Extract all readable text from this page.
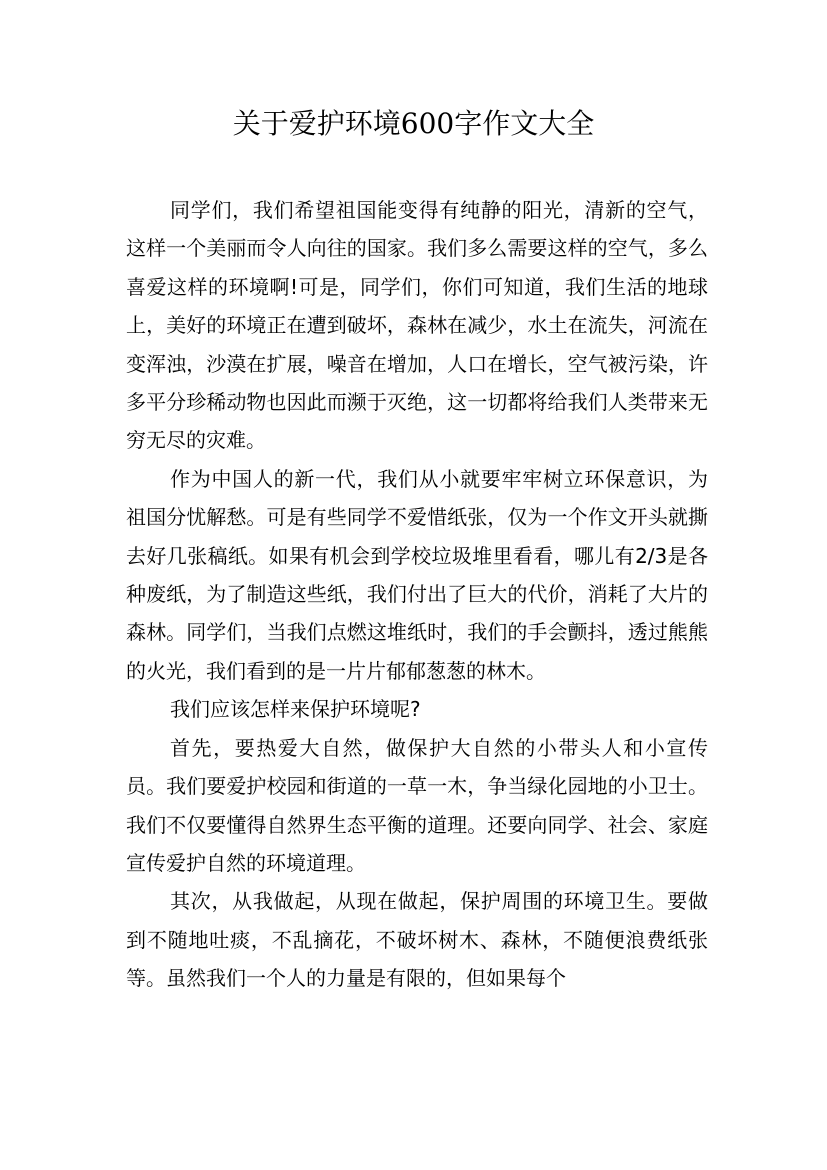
关于爱护环境600字作文大全

同学们，我们希望祖国能变得有纯静的阳光，清新的空气，这样一个美丽而令人向往的国家。我们多么需要这样的空气，多么喜爱这样的环境啊!可是，同学们，你们可知道，我们生活的地球上，美好的环境正在遭到破坏，森林在减少，水土在流失，河流在变浑浊，沙漠在扩展，噪音在增加，人口在增长，空气被污染，许多平分珍稀动物也因此而濒于灭绝，这一切都将给我们人类带来无穷无尽的灾难。

作为中国人的新一代，我们从小就要牢牢树立环保意识，为祖国分忧解愁。可是有些同学不爱惜纸张，仅为一个作文开头就撕去好几张稿纸。如果有机会到学校垃圾堆里看看，哪儿有2/3是各种废纸，为了制造这些纸，我们付出了巨大的代价，消耗了大片的森林。同学们，当我们点燃这堆纸时，我们的手会颤抖，透过熊熊的火光，我们看到的是一片片郁郁葱葱的林木。

我们应该怎样来保护环境呢?

首先，要热爱大自然，做保护大自然的小带头人和小宣传员。我们要爱护校园和街道的一草一木，争当绿化园地的小卫士。我们不仅要懂得自然界生态平衡的道理。还要向同学、社会、家庭宣传爱护自然的环境道理。

其次，从我做起，从现在做起，保护周围的环境卫生。要做到不随地吐痰，不乱摘花，不破坏树木、森林，不随便浪费纸张等。虽然我们一个人的力量是有限的，但如果每个
